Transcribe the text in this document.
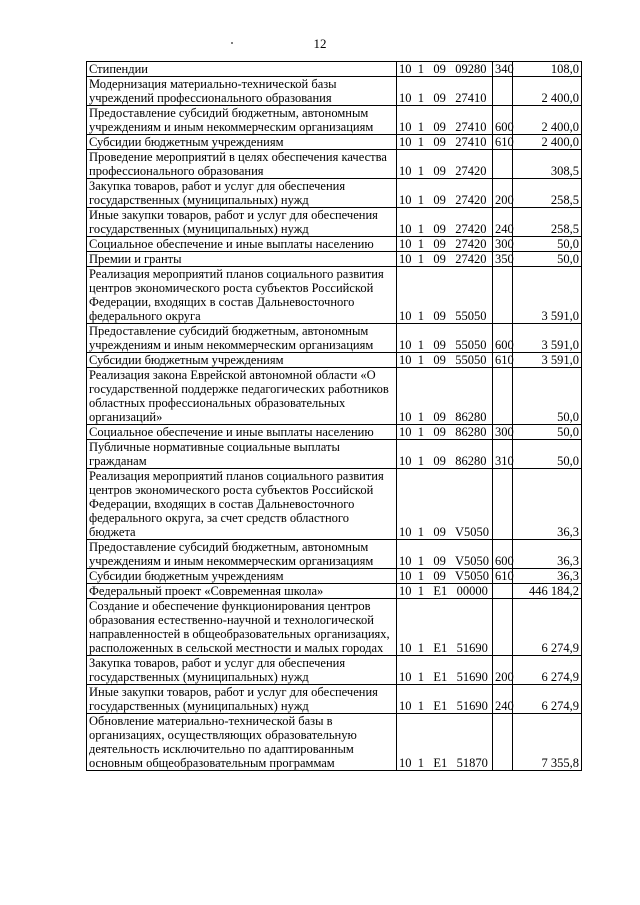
12
Стипендии	10  1   09   09280	340	108,0
Модернизация материально-технической базы учреждений профессионального образования	10  1   09   27410		2 400,0
Предоставление субсидий бюджетным, автономным учреждениям и иным некоммерческим организациям	10  1   09   27410	600	2 400,0
Субсидии бюджетным учреждениям	10  1   09   27410	610	2 400,0
Проведение мероприятий в целях обеспечения качества профессионального образования	10  1   09   27420		308,5
Закупка товаров, работ и услуг для обеспечения государственных (муниципальных) нужд	10  1   09   27420	200	258,5
Иные закупки товаров, работ и услуг для обеспечения государственных (муниципальных) нужд	10  1   09   27420	240	258,5
Социальное обеспечение и иные выплаты населению	10  1   09   27420	300	50,0
Премии и гранты	10  1   09   27420	350	50,0
Реализация мероприятий планов социального развития центров экономического роста субъектов Российской Федерации, входящих в состав Дальневосточного федерального округа	10  1   09   55050		3 591,0
Предоставление субсидий бюджетным, автономным учреждениям и иным некоммерческим организациям	10  1   09   55050	600	3 591,0
Субсидии бюджетным учреждениям	10  1   09   55050	610	3 591,0
Реализация закона Еврейской автономной области «О государственной поддержке педагогических работников областных профессиональных образовательных организаций»	10  1   09   86280		50,0
Социальное обеспечение и иные выплаты населению	10  1   09   86280	300	50,0
Публичные нормативные социальные выплаты гражданам	10  1   09   86280	310	50,0
Реализация мероприятий планов социального развития центров экономического роста субъектов Российской Федерации, входящих в состав Дальневосточного федерального округа, за счет средств областного бюджета	10  1   09   V5050		36,3
Предоставление субсидий бюджетным, автономным учреждениям и иным некоммерческим организациям	10  1   09   V5050	600	36,3
Субсидии бюджетным учреждениям	10  1   09   V5050	610	36,3
Федеральный проект «Современная школа»	10  1   E1   00000		446 184,2
Создание и обеспечение функционирования центров образования естественно-научной и технологической направленностей в общеобразовательных организациях, расположенных в сельской местности и малых городах	10  1   E1   51690		6 274,9
Закупка товаров, работ и услуг для обеспечения государственных (муниципальных) нужд	10  1   E1   51690	200	6 274,9
Иные закупки товаров, работ и услуг для обеспечения государственных (муниципальных) нужд	10  1   E1   51690	240	6 274,9
Обновление материально-технической базы в организациях, осуществляющих образовательную деятельность исключительно по адаптированным основным общеобразовательным программам	10  1   E1   51870		7 355,8
